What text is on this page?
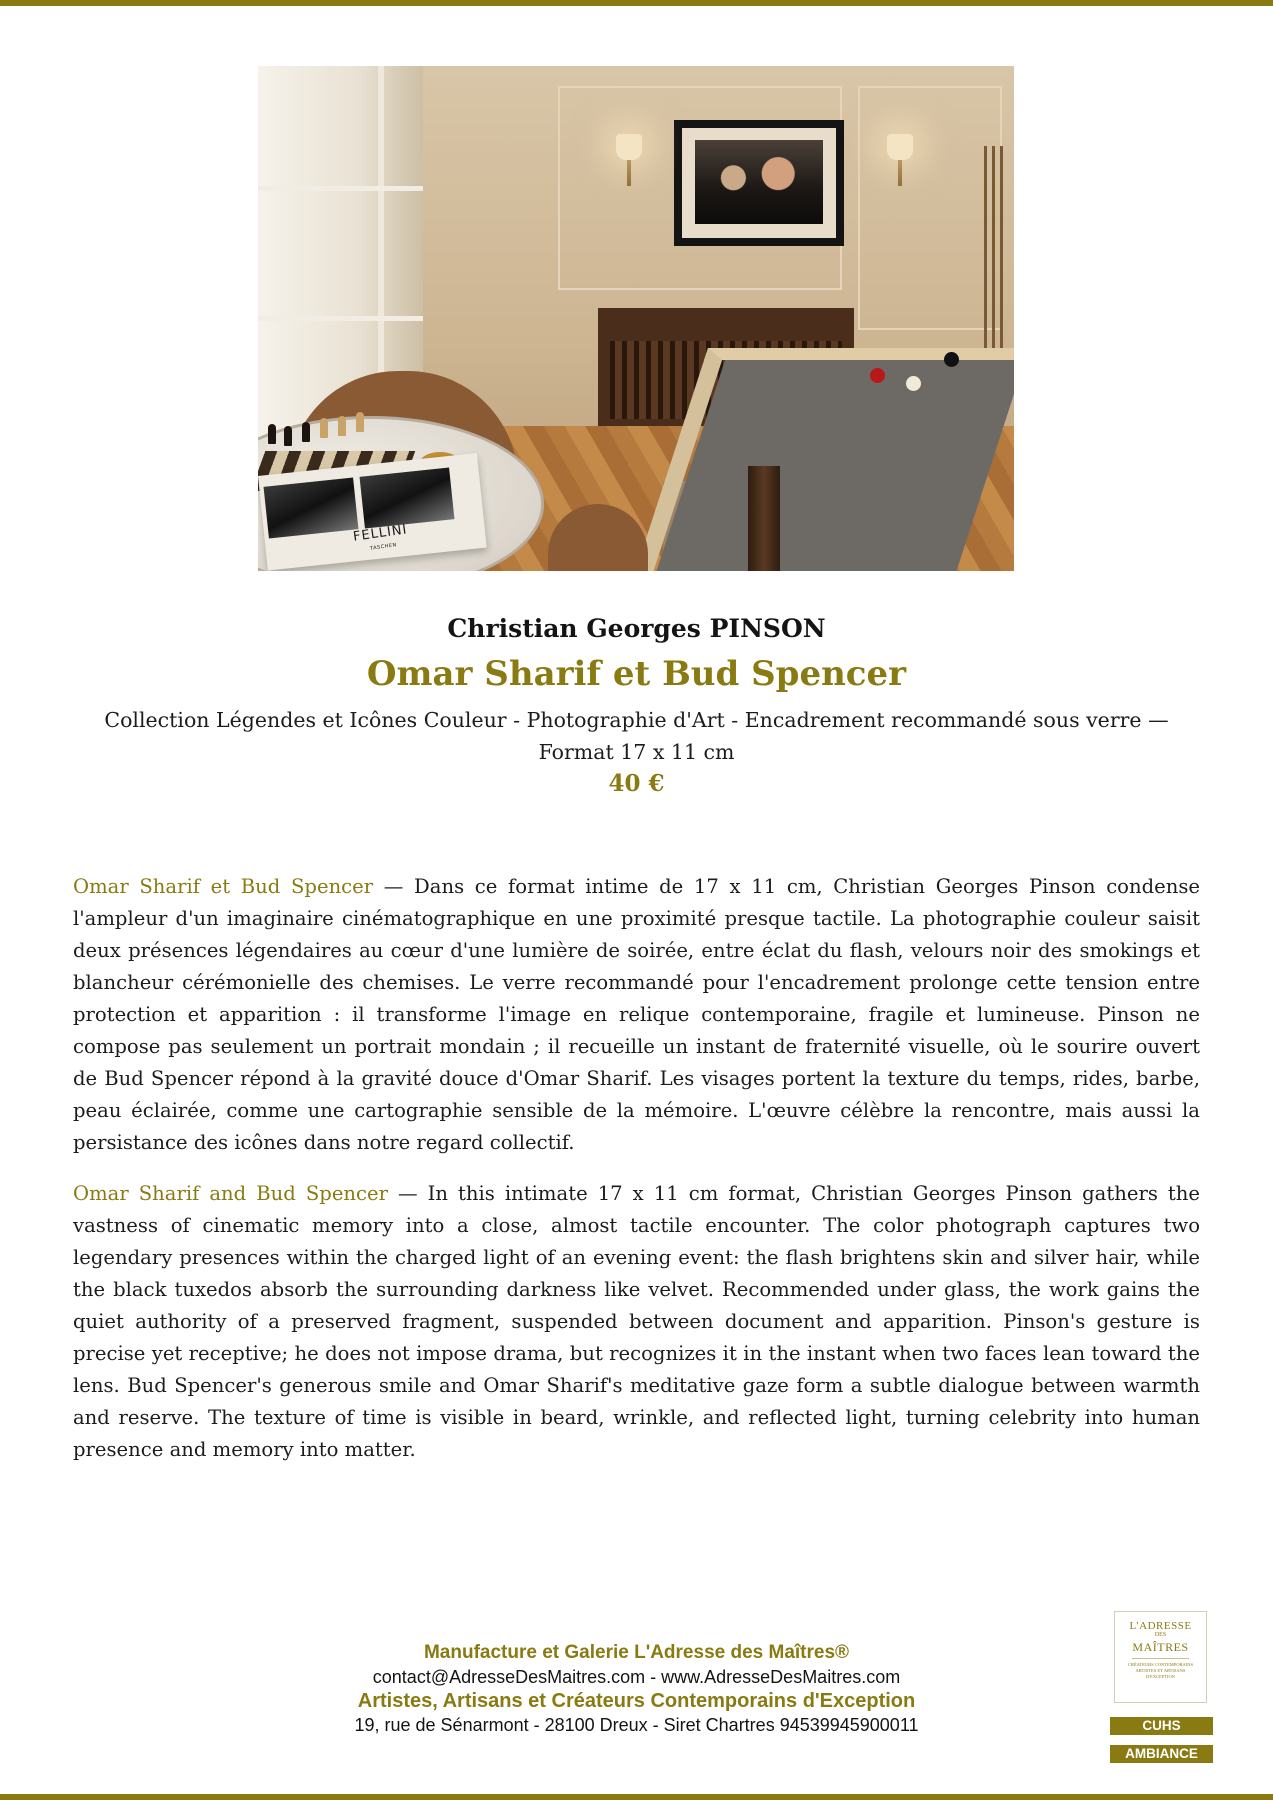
FELLINI
TASCHEN
Christian Georges PINSON
Omar Sharif et Bud Spencer
Collection Légendes et Icônes Couleur - Photographie d'Art - Encadrement recommandé sous verre — Format 17 x 11 cm
40 €

Omar Sharif et Bud Spencer — Dans ce format intime de 17 x 11 cm, Christian Georges Pinson condense l'ampleur d'un imaginaire cinématographique en une proximité presque tactile. La photographie couleur saisit deux présences légendaires au cœur d'une lumière de soirée, entre éclat du flash, velours noir des smokings et blancheur cérémonielle des chemises. Le verre recommandé pour l'encadrement prolonge cette tension entre protection et apparition : il transforme l'image en relique contemporaine, fragile et lumineuse. Pinson ne compose pas seulement un portrait mondain ; il recueille un instant de fraternité visuelle, où le sourire ouvert de Bud Spencer répond à la gravité douce d'Omar Sharif. Les visages portent la texture du temps, rides, barbe, peau éclairée, comme une cartographie sensible de la mémoire. L'œuvre célèbre la rencontre, mais aussi la persistance des icônes dans notre regard collectif.

Omar Sharif and Bud Spencer — In this intimate 17 x 11 cm format, Christian Georges Pinson gathers the vastness of cinematic memory into a close, almost tactile encounter. The color photograph captures two legendary presences within the charged light of an evening event: the flash brightens skin and silver hair, while the black tuxedos absorb the surrounding darkness like velvet. Recommended under glass, the work gains the quiet authority of a preserved fragment, suspended between document and apparition. Pinson's gesture is precise yet receptive; he does not impose drama, but recognizes it in the instant when two faces lean toward the lens. Bud Spencer's generous smile and Omar Sharif's meditative gaze form a subtle dialogue between warmth and reserve. The texture of time is visible in beard, wrinkle, and reflected light, turning celebrity into human presence and memory into matter.

Manufacture et Galerie L'Adresse des Maîtres®
contact@AdresseDesMaitres.com - www.AdresseDesMaitres.com
Artistes, Artisans et Créateurs Contemporains d'Exception
19, rue de Sénarmont - 28100 Dreux - Siret Chartres 94539945900011
L'ADRESSE
DES
MAÎTRES
CRÉATEURS CONTEMPORAINS ARTISTES ET ARTISANS D'EXCEPTION
CUHS
AMBIANCE
